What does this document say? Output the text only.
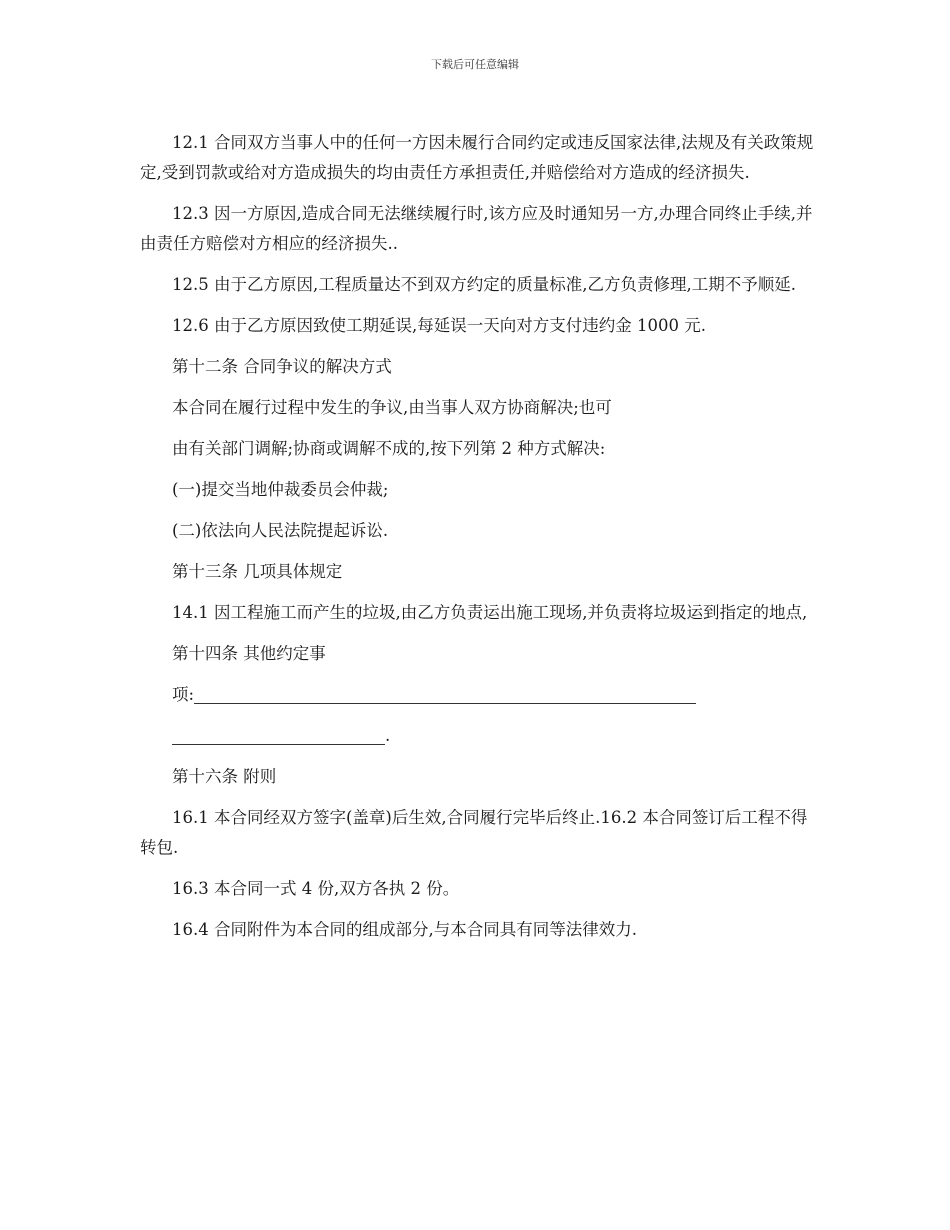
下载后可任意编辑

12.1 合同双方当事人中的任何一方因未履行合同约定或违反国家法律,法规及有关政策规定,受到罚款或给对方造成损失的均由责任方承担责任,并赔偿给对方造成的经济损失.

12.3 因一方原因,造成合同无法继续履行时,该方应及时通知另一方,办理合同终止手续,并由责任方赔偿对方相应的经济损失..

12.5 由于乙方原因,工程质量达不到双方约定的质量标准,乙方负责修理,工期不予顺延.

12.6 由于乙方原因致使工期延误,每延误一天向对方支付违约金 1000 元.

第十二条 合同争议的解决方式

本合同在履行过程中发生的争议,由当事人双方协商解决;也可

由有关部门调解;协商或调解不成的,按下列第 2 种方式解决:

(一)提交当地仲裁委员会仲裁;

(二)依法向人民法院提起诉讼.

第十三条 几项具体规定

14.1 因工程施工而产生的垃圾,由乙方负责运出施工现场,并负责将垃圾运到指定的地点,

第十四条 其他约定事

项:

.

第十六条 附则

16.1 本合同经双方签字(盖章)后生效,合同履行完毕后终止.16.2 本合同签订后工程不得转包.

16.3 本合同一式 4 份,双方各执 2 份。

16.4 合同附件为本合同的组成部分,与本合同具有同等法律效力.
